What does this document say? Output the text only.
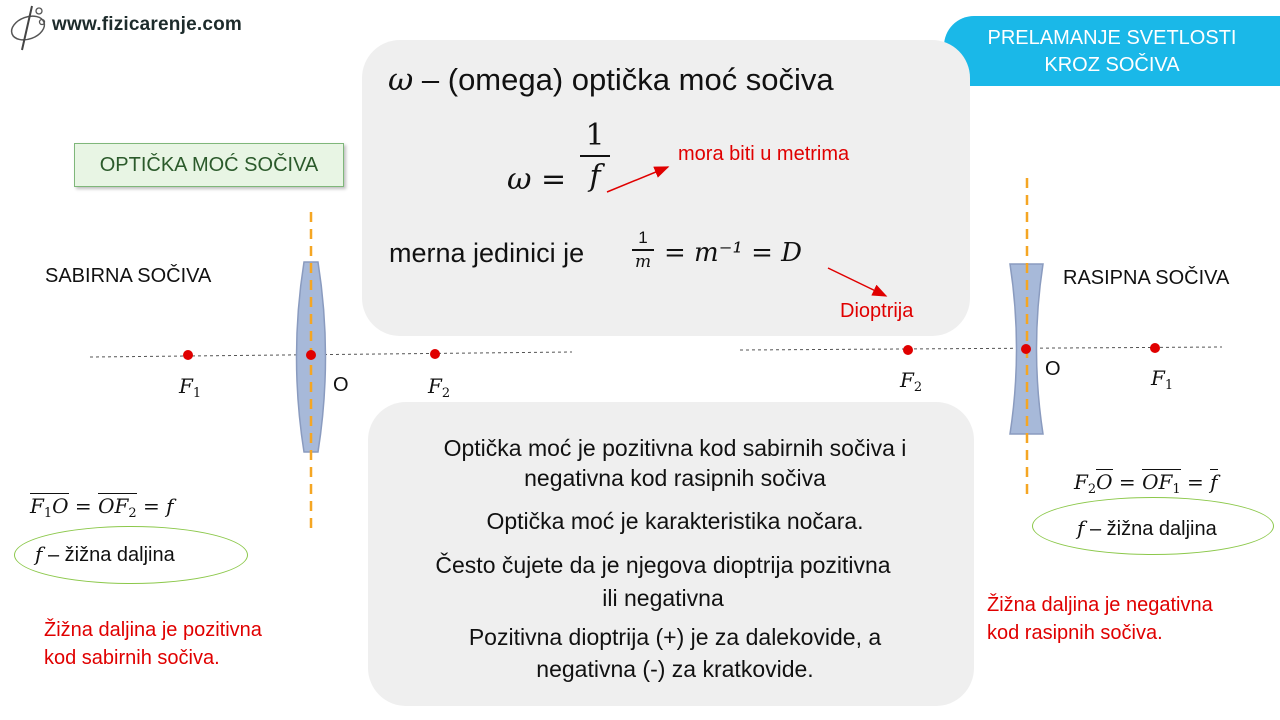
www.fizicarenje.com
PRELAMANJE SVETLOSTI
KROZ SOČIVA
OPTIČKA MOĆ SOČIVA
ω – (omega) optička moć sočiva
ω =
1
f
mora biti u metrima
merna jedinici je
1
m = m⁻¹ = D
Dioptrija
SABIRNA SOČIVA
$F_1$	O	$F_2$
$F_1O = OF_2 = f$
f – žižna daljina
Žižna daljina je pozitivna
kod sabirnih sočiva.
RASIPNA SOČIVA
$F_2$
O	$F_1$
$F_2O = OF_1 = f$
f – žižna daljina
Žižna daljina je negativna
kod rasipnih sočiva.
Optička moć je pozitivna kod sabirnih sočiva i
negativna kod rasipnih sočiva
Optička moć je karakteristika nočara.
Često čujete da je njegova dioptrija pozitivna
ili negativna
Pozitivna dioptrija (+) je za dalekovide, a
negativna (-) za kratkovide.
